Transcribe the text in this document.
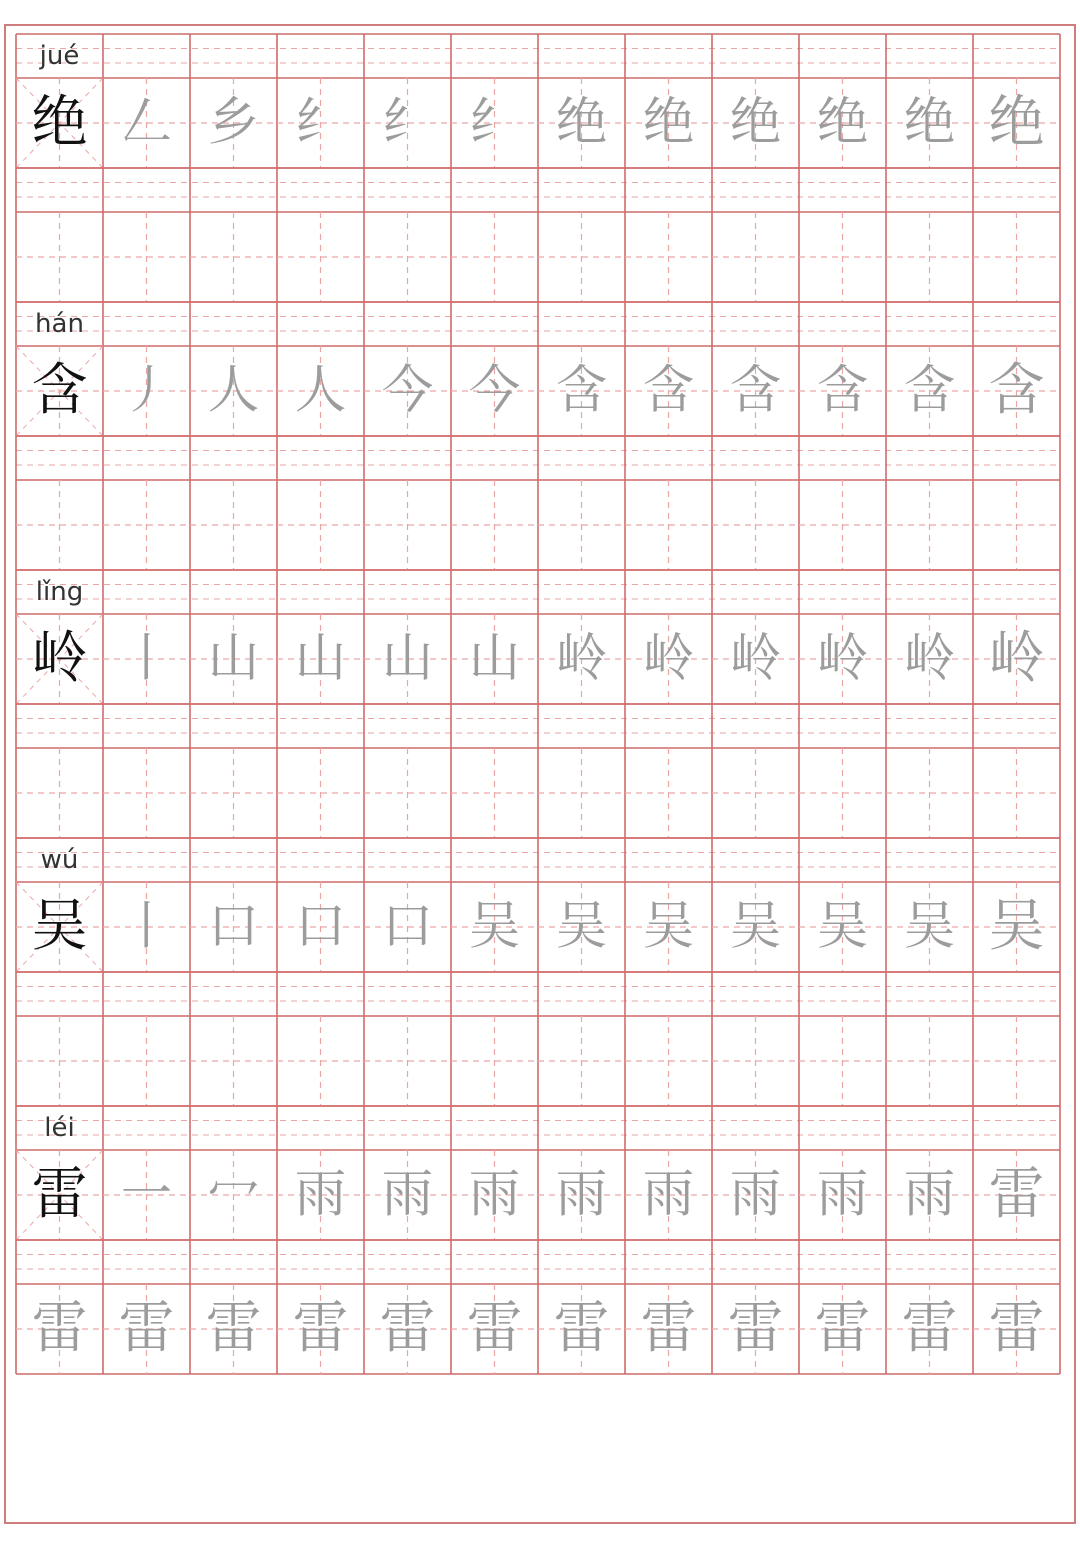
jué
绝 𠃋 乡 纟 纟 纟 绝 绝 绝 绝 绝 绝
hán
含 丿 人 人 今 今 含 含 含 含 含 含
lǐng
岭 丨 山 山 山 山 岭 岭 岭 岭 岭 岭
wú
吴 丨 口 口 口 吴 吴 吴 吴 吴 吴 吴
léi
雷 一 冖 雨 雨 雨 雨 雨 雨 雨 雨 雷
雷 雷 雷 雷 雷 雷 雷 雷 雷 雷 雷 雷
